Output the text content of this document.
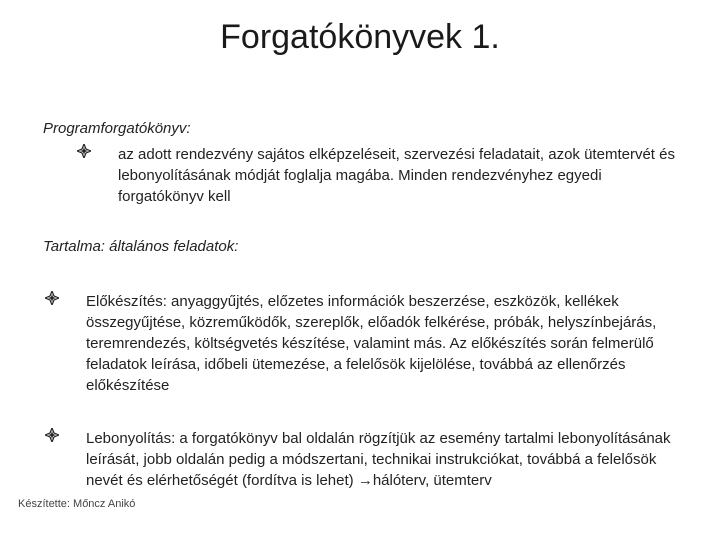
Forgatókönyvek 1.
Programforgatókönyv:
az adott rendezvény sajátos elképzeléseit, szervezési feladatait, azok ütemtervét és lebonyolításának módját foglalja magába. Minden rendezvényhez egyedi forgatókönyv kell
Tartalma: általános feladatok:
Előkészítés: anyaggyűjtés, előzetes információk beszerzése, eszközök, kellékek összegyűjtése, közreműködők, szereplők, előadók felkérése, próbák, helyszínbejárás, teremrendezés, költségvetés készítése, valamint más. Az előkészítés során felmerülő feladatok leírása, időbeli ütemezése, a felelősök kijelölése, továbbá az ellenőrzés előkészítése
Lebonyolítás: a forgatókönyv bal oldalán rögzítjük az esemény tartalmi lebonyolításának leírását, jobb oldalán pedig a módszertani, technikai instrukciókat, továbbá a felelősök nevét és elérhetőségét (fordítva is lehet) →hálóterv, ütemterv
Készítette: Mőncz Anikó
